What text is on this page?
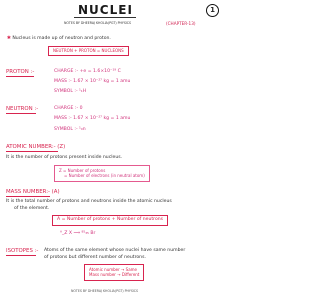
NUCLEI	1
NOTES BY DHEERAJ KHOLIA(PGT) PHYSICS	(CHAPTER-13)
✱ Nucleus is made up of neutron and proton.
NEUTRON + PROTON = NUCLEONS
PROTON :-	CHARGE :- +e = 1.6×10⁻¹⁹ C
MASS :- 1.67 × 10⁻²⁷ kg = 1 amu
SYMBOL :- ¹₁H
NEUTRON :-	CHARGE :- 0
MASS :- 1.67 × 10⁻²⁷ kg = 1 amu
SYMBOL :- ¹₀n
ATOMIC NUMBER:- (Z)
It is the number of protons present inside nucleus.
Z = Number of protons
= Number of electrons (in neutral atom)
MASS NUMBER:- (A)
It is the total number of protons and neutrons inside the atomic nucleus
of the element.
A = Number of protons + Number of neutrons
ᴬ_Z X ⟹ ⁸⁵₃₅ Br
ISOTOPES :- Atoms of the same element whose nuclei have same number
of protons but different number of neutrons.
Atomic number → Same
Mass number → Different
NOTES BY DHEERAJ KHOLIA(PGT) PHYSICS
